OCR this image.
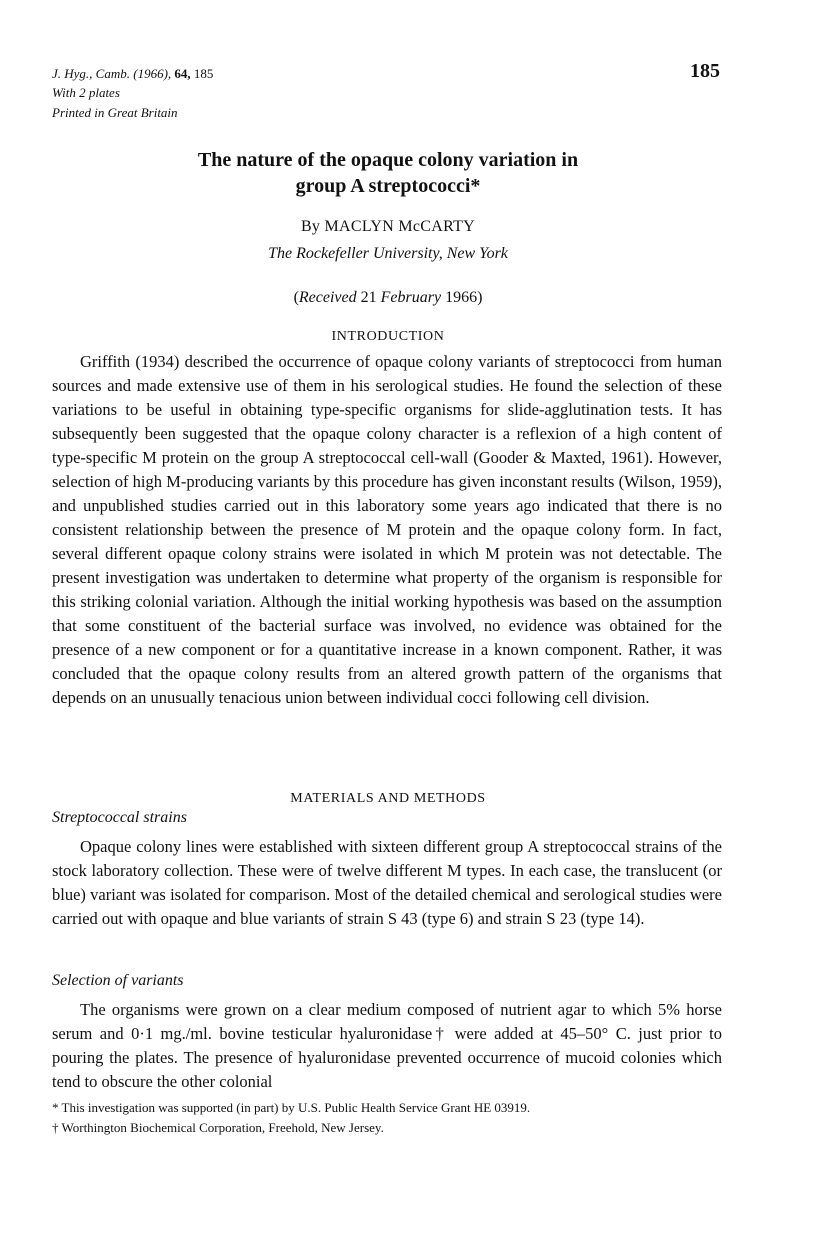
J. Hyg., Camb. (1966), 64, 185
With 2 plates
Printed in Great Britain
185
The nature of the opaque colony variation in
group A streptococci*
By MACLYN McCARTY
The Rockefeller University, New York
(Received 21 February 1966)
INTRODUCTION

Griffith (1934) described the occurrence of opaque colony variants of streptococci from human sources and made extensive use of them in his serological studies. He found the selection of these variations to be useful in obtaining type-specific organisms for slide-agglutination tests. It has subsequently been suggested that the opaque colony character is a reflexion of a high content of type-specific M protein on the group A streptococcal cell-wall (Gooder & Maxted, 1961). However, selection of high M-producing variants by this procedure has given inconstant results (Wilson, 1959), and unpublished studies carried out in this laboratory some years ago indicated that there is no consistent relationship between the presence of M protein and the opaque colony form. In fact, several different opaque colony strains were isolated in which M protein was not detectable. The present investigation was undertaken to determine what property of the organism is responsible for this striking colonial variation. Although the initial working hypothesis was based on the assumption that some constituent of the bacterial surface was involved, no evidence was obtained for the presence of a new component or for a quantitative increase in a known component. Rather, it was concluded that the opaque colony results from an altered growth pattern of the organisms that depends on an unusually tenacious union between individual cocci following cell division.

MATERIALS AND METHODS
Streptococcal strains

Opaque colony lines were established with sixteen different group A streptococcal strains of the stock laboratory collection. These were of twelve different M types. In each case, the translucent (or blue) variant was isolated for comparison. Most of the detailed chemical and serological studies were carried out with opaque and blue variants of strain S 43 (type 6) and strain S 23 (type 14).

Selection of variants

The organisms were grown on a clear medium composed of nutrient agar to which 5% horse serum and 0·1 mg./ml. bovine testicular hyaluronidase† were added at 45–50° C. just prior to pouring the plates. The presence of hyaluronidase prevented occurrence of mucoid colonies which tend to obscure the other colonial

* This investigation was supported (in part) by U.S. Public Health Service Grant HE 03919.
† Worthington Biochemical Corporation, Freehold, New Jersey.
